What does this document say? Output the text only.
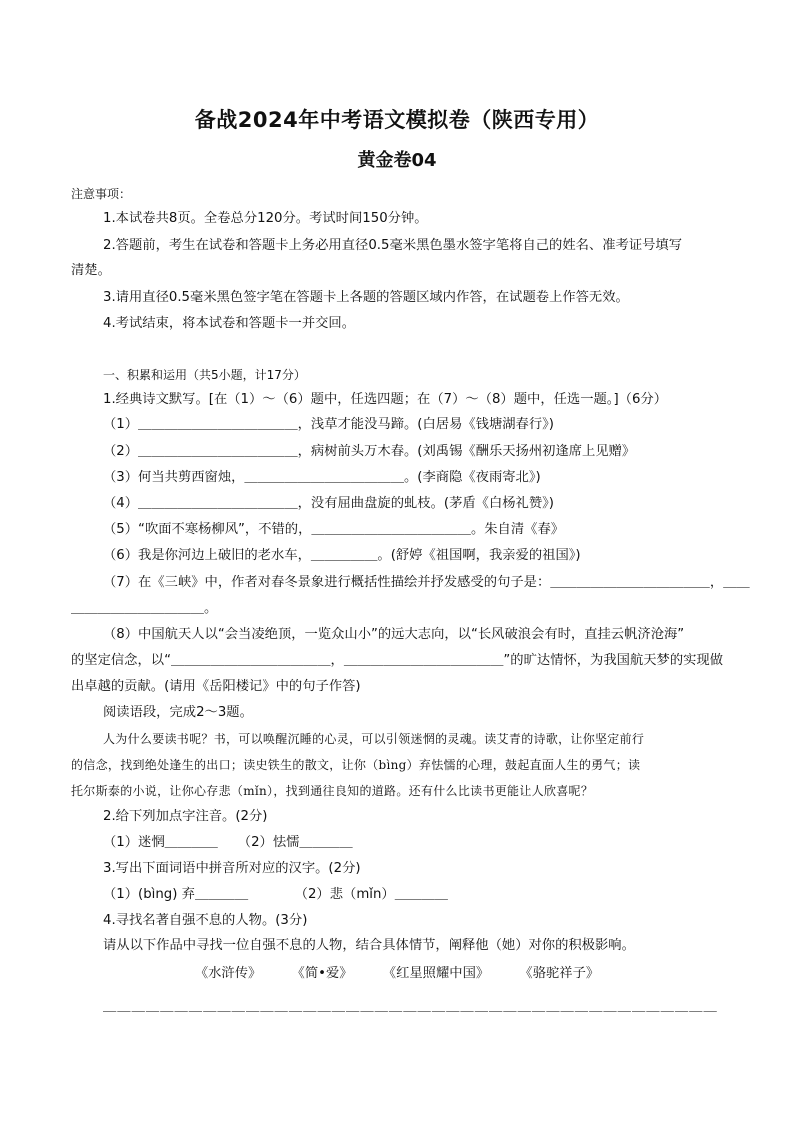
备战2024年中考语文模拟卷（陕西专用）
黄金卷04
注意事项：
1.本试卷共8页。全卷总分120分。考试时间150分钟。
2.答题前，考生在试卷和答题卡上务必用直径0.5毫米黑色墨水签字笔将自己的姓名、准考证号填写
清楚。
3.请用直径0.5毫米黑色签字笔在答题卡上各题的答题区域内作答，在试题卷上作答无效。
4.考试结束，将本试卷和答题卡一并交回。
一、积累和运用（共5小题，计17分）
1.经典诗文默写。[在（1）～（6）题中，任选四题；在（7）～（8）题中，任选一题。]（6分）
（1）＿＿＿＿＿＿＿＿＿＿＿＿，浅草才能没马蹄。(白居易《钱塘湖春行》)
（2）＿＿＿＿＿＿＿＿＿＿＿＿，病树前头万木春。(刘禹锡《酬乐天扬州初逢席上见赠》
（3）何当共剪西窗烛，＿＿＿＿＿＿＿＿＿＿＿＿。(李商隐《夜雨寄北》)
（4）＿＿＿＿＿＿＿＿＿＿＿＿，没有屈曲盘旋的虬枝。(茅盾《白杨礼赞》)
（5）“吹面不寒杨柳风”，不错的，＿＿＿＿＿＿＿＿＿＿＿＿。朱自清《春》
（6）我是你河边上破旧的老水车，＿＿＿＿＿。(舒婷《祖国啊，我亲爱的祖国》)
（7）在《三峡》中，作者对春冬景象进行概括性描绘并抒发感受的句子是：＿＿＿＿＿＿＿＿＿＿＿＿，＿＿
＿＿＿＿＿＿＿＿＿＿。
（8）中国航天人以“会当凌绝顶，一览众山小”的远大志向，以“长风破浪会有时，直挂云帆济沧海”
的坚定信念，以“＿＿＿＿＿＿＿＿＿＿＿＿，＿＿＿＿＿＿＿＿＿＿＿＿”的旷达情怀，为我国航天梦的实现做
出卓越的贡献。(请用《岳阳楼记》中的句子作答)
阅读语段，完成2～3题。
人为什么要读书呢？书，可以唤醒沉睡的心灵，可以引领迷惘的灵魂。读艾青的诗歌，让你坚定前行
的信念，找到绝处逢生的出口；读史铁生的散文，让你（bìng）弃怯懦的心理，鼓起直面人生的勇气；读
托尔斯泰的小说，让你心存悲（mǐn），找到通往良知的道路。还有什么比读书更能让人欣喜呢？
2.给下列加点字注音。(2分)
（1）迷惘＿＿＿＿　　（2）怯懦＿＿＿＿
3.写出下面词语中拼音所对应的汉字。(2分)
（1）(bìng) 弃＿＿＿＿　　　　（2）悲（mǐn）＿＿＿＿
4.寻找名著自强不息的人物。(3分)
请从以下作品中寻找一位自强不息的人物，结合具体情节，阐释他（她）对你的积极影响。
《水浒传》 《简•爱》 《红星照耀中国》 《骆驼祥子》
＿＿＿＿＿＿＿＿＿＿＿＿＿＿＿＿＿＿＿＿＿＿＿＿＿＿＿＿＿＿＿＿＿＿＿＿＿＿＿＿＿＿＿
